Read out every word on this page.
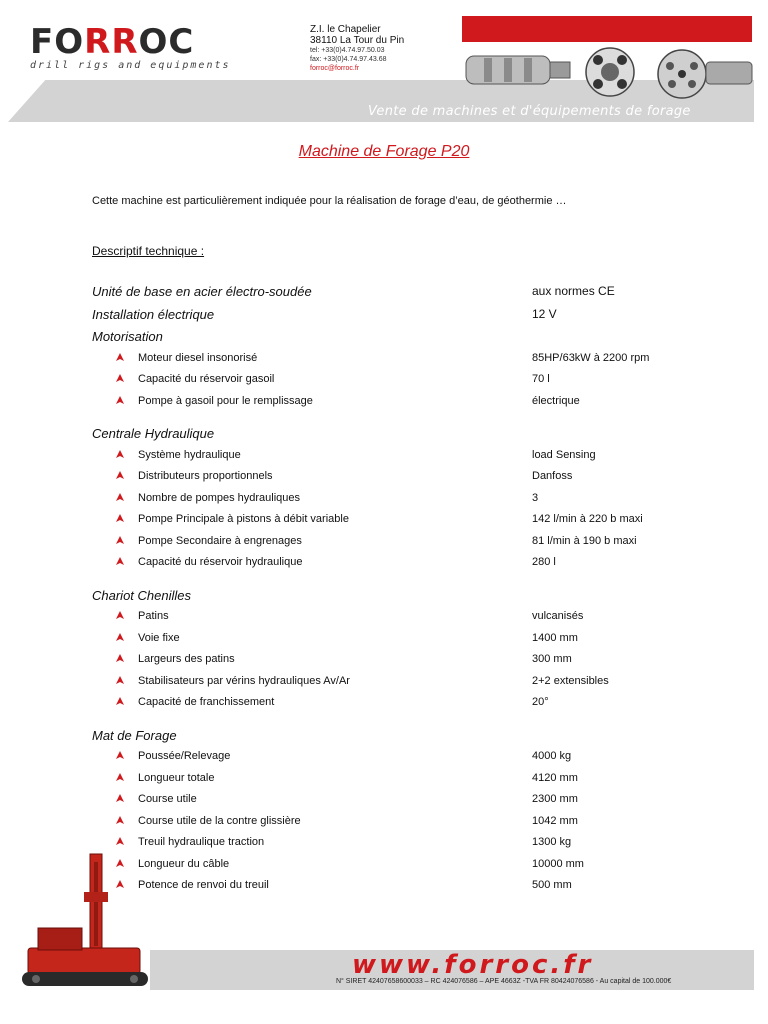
FORROC
drill rigs and equipments
Z.I. le Chapelier
38110 La Tour du Pin
tel: +33(0)4.74.97.50.03
fax: +33(0)4.74.97.43.68
forroc@forroc.fr
Vente de machines et d'équipements de forage
Machine de Forage P20
Cette machine est particulièrement indiquée pour la réalisation de forage d’eau, de géothermie …
Descriptif technique :
Unité de base en acier électro-soudée	aux normes CE
Installation électrique	12 V
Motorisation
Moteur diesel insonorisé	85HP/63kW à 2200 rpm
Capacité du réservoir gasoil	70 l
Pompe à gasoil pour le remplissage	électrique
Centrale Hydraulique
Système hydraulique	load Sensing
Distributeurs proportionnels	Danfoss
Nombre de pompes hydrauliques	3
Pompe Principale à pistons à débit variable	142 l/min à 220 b maxi
Pompe Secondaire à engrenages	81 l/min à 190 b maxi
Capacité du réservoir hydraulique	280 l
Chariot Chenilles
Patins	vulcanisés
Voie fixe	1400 mm
Largeurs des patins	300 mm
Stabilisateurs par vérins hydrauliques Av/Ar	2+2 extensibles
Capacité de franchissement	20°
Mat de Forage
Poussée/Relevage	4000 kg
Longueur totale	4120 mm
Course utile	2300 mm
Course utile de la contre glissière	1042 mm
Treuil hydraulique traction	1300 kg
Longueur du câble	10000 mm
Potence de renvoi du treuil	500 mm
www.forroc.fr
N° SIRET 42407658600033 – RC 424076586 – APE 4663Z -TVA FR 80424076586 - Au capital de 100.000€
